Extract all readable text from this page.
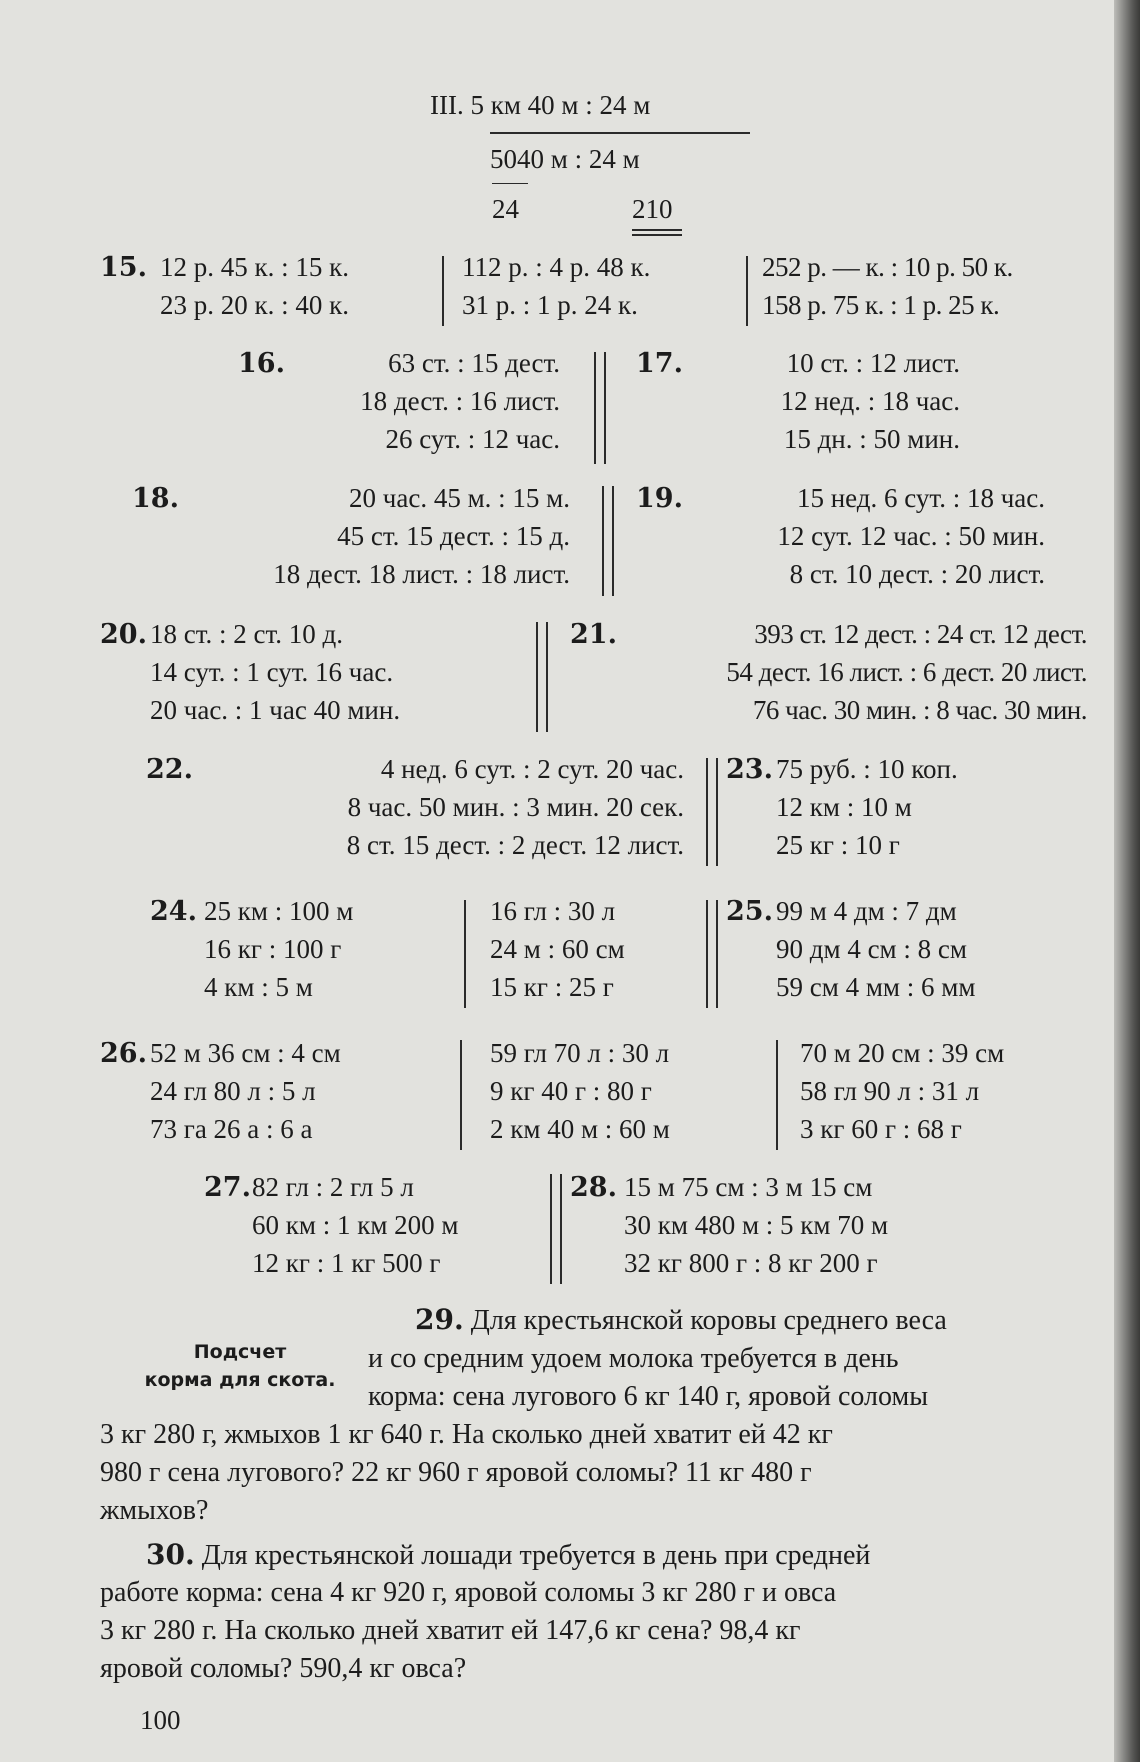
III. 5 км 40 м : 24 м
5040 м : 24 м
24	210
15. 12 р. 45 к. : 15 к.
23 р. 20 к. : 40 к.
112 р. : 4 р. 48 к.
31 р. : 1 р. 24 к.
252 р. — к. : 10 р. 50 к.
158 р. 75 к. : 1 р. 25 к.
16.	63 ст. : 15 дест.
18 дест. : 16 лист.
26 сут. : 12 час.
17.	10 ст. : 12 лист.
12 нед. : 18 час.
15 дн. : 50 мин.
18.	20 час. 45 м. : 15 м.
45 ст. 15 дест. : 15 д.
18 дест. 18 лист. : 18 лист.
19.	15 нед. 6 сут. : 18 час.
12 сут. 12 час. : 50 мин.
8 ст. 10 дест. : 20 лист.
20. 18 ст. : 2 ст. 10 д.
14 сут. : 1 сут. 16 час.
20 час. : 1 час 40 мин.
21.	393 ст. 12 дест. : 24 ст. 12 дест.
54 дест. 16 лист. : 6 дест. 20 лист.
76 час. 30 мин. : 8 час. 30 мин.
22.	4 нед. 6 сут. : 2 сут. 20 час.
8 час. 50 мин. : 3 мин. 20 сек.
8 ст. 15 дест. : 2 дест. 12 лист.
23. 75 руб. : 10 коп.
12 км : 10 м
25 кг : 10 г
24. 25 км : 100 м
16 кг : 100 г
4 км : 5 м
16 гл : 30 л
24 м : 60 см
15 кг : 25 г
25. 99 м 4 дм : 7 дм
90 дм 4 см : 8 см
59 см 4 мм : 6 мм
26. 52 м 36 см : 4 см
24 гл 80 л : 5 л
73 га 26 а : 6 а
59 гл 70 л : 30 л
9 кг 40 г : 80 г
2 км 40 м : 60 м
70 м 20 см : 39 см
58 гл 90 л : 31 л
3 кг 60 г : 68 г
27. 82 гл : 2 гл 5 л
60 км : 1 км 200 м
12 кг : 1 кг 500 г
28. 15 м 75 см : 3 м 15 см
30 км 480 м : 5 км 70 м
32 кг 800 г : 8 кг 200 г
Подсчет
корма для скота.
29. Для крестьянской коровы среднего веса
и со средним удоем молока требуется в день
корма: сена лугового 6 кг 140 г, яровой соломы
3 кг 280 г, жмыхов 1 кг 640 г. На сколько дней хватит ей 42 кг
980 г сена лугового? 22 кг 960 г яровой соломы? 11 кг 480 г
жмыхов?
30. Для крестьянской лошади требуется в день при средней
работе корма: сена 4 кг 920 г, яровой соломы 3 кг 280 г и овса
3 кг 280 г. На сколько дней хватит ей 147,6 кг сена? 98,4 кг
яровой соломы? 590,4 кг овса?
100
